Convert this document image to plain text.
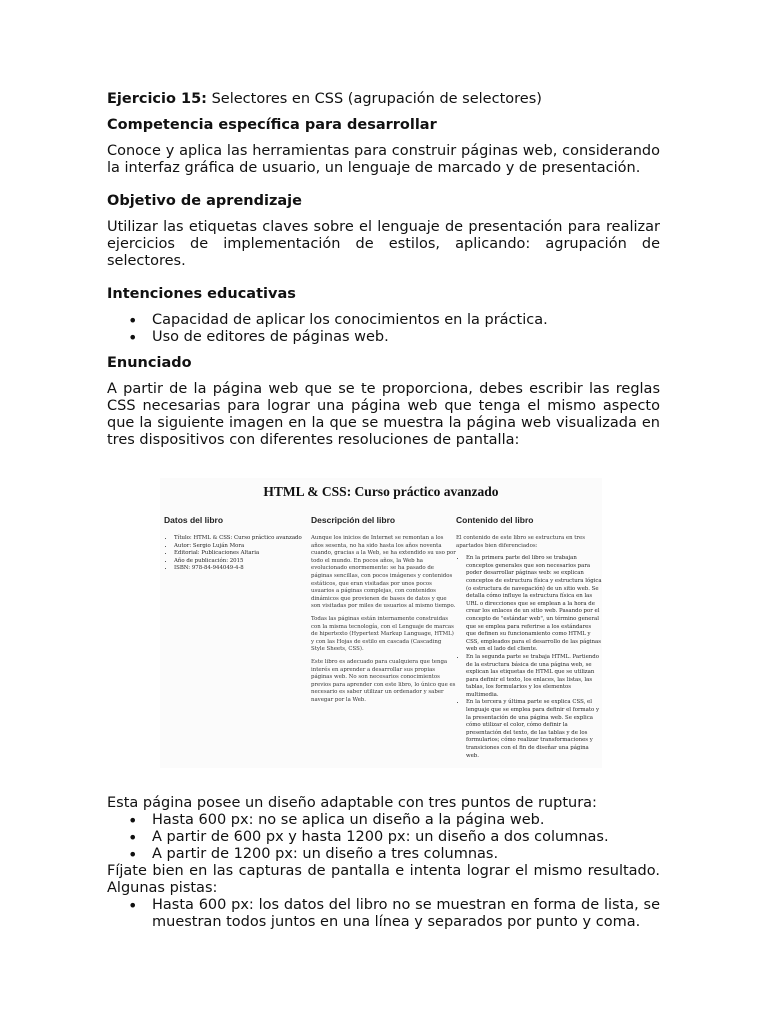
Ejercicio 15: Selectores en CSS (agrupación de selectores)
Competencia específica para desarrollar

Conoce y aplica las herramientas para construir páginas web, considerando la interfaz gráfica de usuario, un lenguaje de marcado y de presentación.

Objetivo de aprendizaje

Utilizar las etiquetas claves sobre el lenguaje de presentación para realizar ejercicios de implementación de estilos, aplicando: agrupación de selectores.

Intenciones educativas
• Capacidad de aplicar los conocimientos en la práctica.
• Uso de editores de páginas web.
Enunciado

A partir de la página web que se te proporciona, debes escribir las reglas CSS necesarias para lograr una página web que tenga el mismo aspecto que la siguiente imagen en la que se muestra la página web visualizada en tres dispositivos con diferentes resoluciones de pantalla:

HTML & CSS: Curso práctico avanzado
Datos del libro
• Título: HTML & CSS: Curso práctico avanzado
• Autor: Sergio Luján Mora
• Editorial: Publicaciones Altaria
• Año de publicación: 2015
• ISBN: 978-84-944049-4-8
Descripción del libro

Aunque los inicios de Internet se remontan a los años sesenta, no ha sido hasta los años noventa cuando, gracias a la Web, se ha extendido su uso por todo el mundo. En pocos años, la Web ha evolucionado enormemente: se ha pasado de páginas sencillas, con pocos imágenes y contenidos estáticos, que eran visitadas por unos pocos usuarios a páginas complejas, con contenidos dinámicos que provienen de bases de datos y que son visitadas por miles de usuarios al mismo tiempo.

Todas las páginas están internamente construidas con la misma tecnología, con el Lenguaje de marcas de hipertexto (Hypertext Markup Language, HTML) y con las Hojas de estilo en cascada (Cascading Style Sheets, CSS).

Este libro es adecuado para cualquiera que tenga interés en aprender a desarrollar sus propias páginas web. No son necesarios conocimientos previos para aprender con este libro, lo único que es necesario es saber utilizar un ordenador y saber navegar por la Web.

Contenido del libro

El contenido de este libro se estructura en tres apartados bien diferenciados:

• En la primera parte del libro se trabajan conceptos generales que son necesarios para poder desarrollar páginas web: se explican conceptos de estructura física y estructura lógica (o estructura de navegación) de un sitio web. Se detalla cómo influye la estructura física en las URL o direcciones que se emplean a la hora de crear los enlaces de un sitio web. Pasando por el concepto de "estándar web", un término general que se emplea para referirse a los estándares que definen su funcionamiento como HTML y CSS, empleados para el desarrollo de las páginas web en el lado del cliente.
• En la segunda parte se trabaja HTML. Partiendo de la estructura básica de una página web, se explican las etiquetas de HTML que se utilizan para definir el texto, los enlaces, las listas, las tablas, los formularios y los elementos multimedia.
• En la tercera y última parte se explica CSS, el lenguaje que se emplea para definir el formato y la presentación de una página web. Se explica cómo utilizar el color, cómo definir la presentación del texto, de las tablas y de los formularios; cómo realizar transformaciones y transiciones con el fin de diseñar una página web.

Esta página posee un diseño adaptable con tres puntos de ruptura:

• Hasta 600 px: no se aplica un diseño a la página web.
• A partir de 600 px y hasta 1200 px: un diseño a dos columnas.
• A partir de 1200 px: un diseño a tres columnas.

Fíjate bien en las capturas de pantalla e intenta lograr el mismo resultado. Algunas pistas:

• Hasta 600 px: los datos del libro no se muestran en forma de lista, se muestran todos juntos en una línea y separados por punto y coma.
